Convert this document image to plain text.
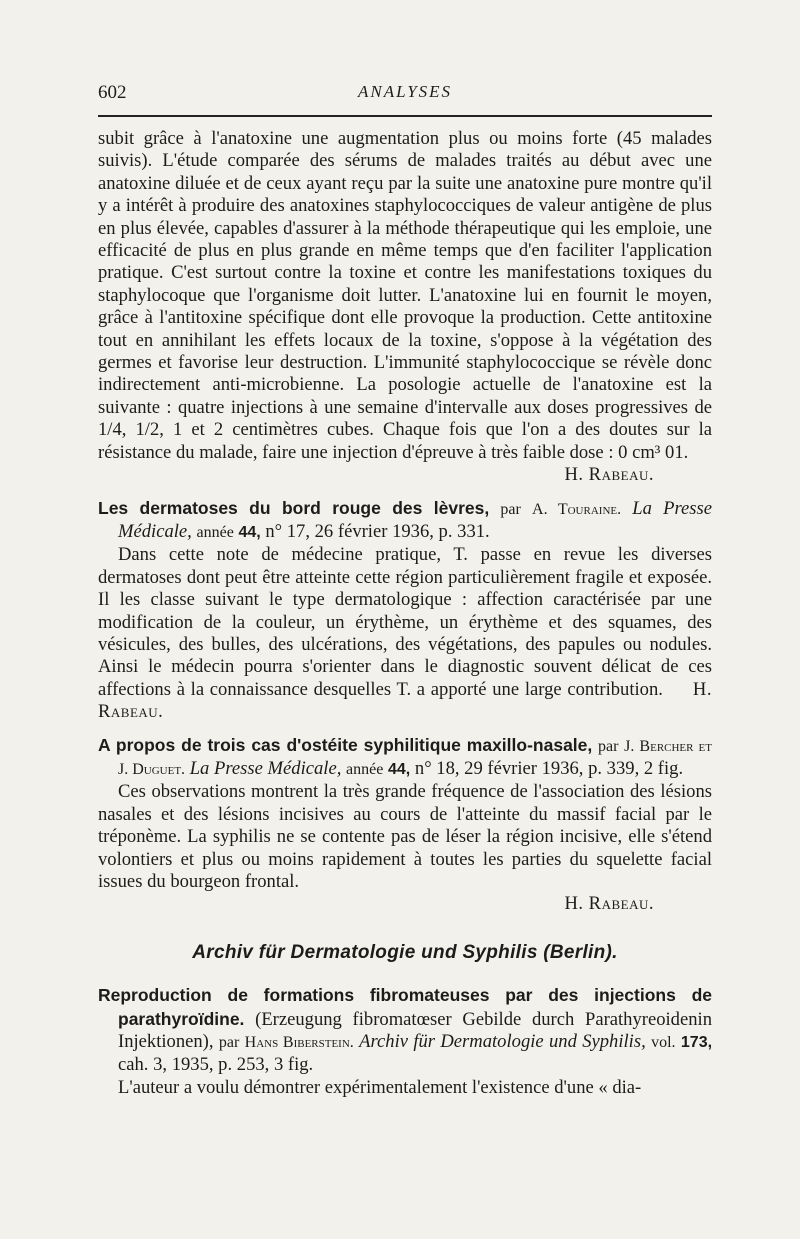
602	ANALYSES

subit grâce à l'anatoxine une augmentation plus ou moins forte (45 malades suivis). L'étude comparée des sérums de malades traités au début avec une anatoxine diluée et de ceux ayant reçu par la suite une anatoxine pure montre qu'il y a intérêt à produire des anatoxines staphylococciques de valeur antigène de plus en plus élevée, capables d'assurer à la méthode thérapeutique qui les emploie, une efficacité de plus en plus grande en même temps que d'en faciliter l'application pratique. C'est surtout contre la toxine et contre les manifestations toxiques du staphylocoque que l'organisme doit lutter. L'anatoxine lui en fournit le moyen, grâce à l'antitoxine spécifique dont elle provoque la production. Cette antitoxine tout en annihilant les effets locaux de la toxine, s'oppose à la végétation des germes et favorise leur destruction. L'immunité staphylococcique se révèle donc indirectement anti-microbienne. La posologie actuelle de l'anatoxine est la suivante : quatre injections à une semaine d'intervalle aux doses progressives de 1/4, 1/2, 1 et 2 centimètres cubes. Chaque fois que l'on a des doutes sur la résistance du malade, faire une injection d'épreuve à très faible dose : 0 cm³ 01.

H. Rabeau.

Les dermatoses du bord rouge des lèvres, par A. Touraine. La Presse Médicale, année 44, n° 17, 26 février 1936, p. 331.

Dans cette note de médecine pratique, T. passe en revue les diverses dermatoses dont peut être atteinte cette région particulièrement fragile et exposée. Il les classe suivant le type dermatologique : affection caractérisée par une modification de la couleur, un érythème, un érythème et des squames, des vésicules, des bulles, des ulcérations, des végétations, des papules ou nodules. Ainsi le médecin pourra s'orienter dans le diagnostic souvent délicat de ces affections à la connaissance desquelles T. a apporté une large contribution. H. Rabeau.

A propos de trois cas d'ostéite syphilitique maxillo-nasale, par J. Bercher et J. Duguet. La Presse Médicale, année 44, n° 18, 29 février 1936, p. 339, 2 fig.

Ces observations montrent la très grande fréquence de l'association des lésions nasales et des lésions incisives au cours de l'atteinte du massif facial par le tréponème. La syphilis ne se contente pas de léser la région incisive, elle s'étend volontiers et plus ou moins rapidement à toutes les parties du squelette facial issues du bourgeon frontal.

H. Rabeau.

Archiv für Dermatologie und Syphilis (Berlin).

Reproduction de formations fibromateuses par des injections de parathyroïdine. (Erzeugung fibromatœser Gebilde durch Parathyreoidenin Injektionen), par Hans Biberstein. Archiv für Dermatologie und Syphilis, vol. 173, cah. 3, 1935, p. 253, 3 fig.

L'auteur a voulu démontrer expérimentalement l'existence d'une « dia-
